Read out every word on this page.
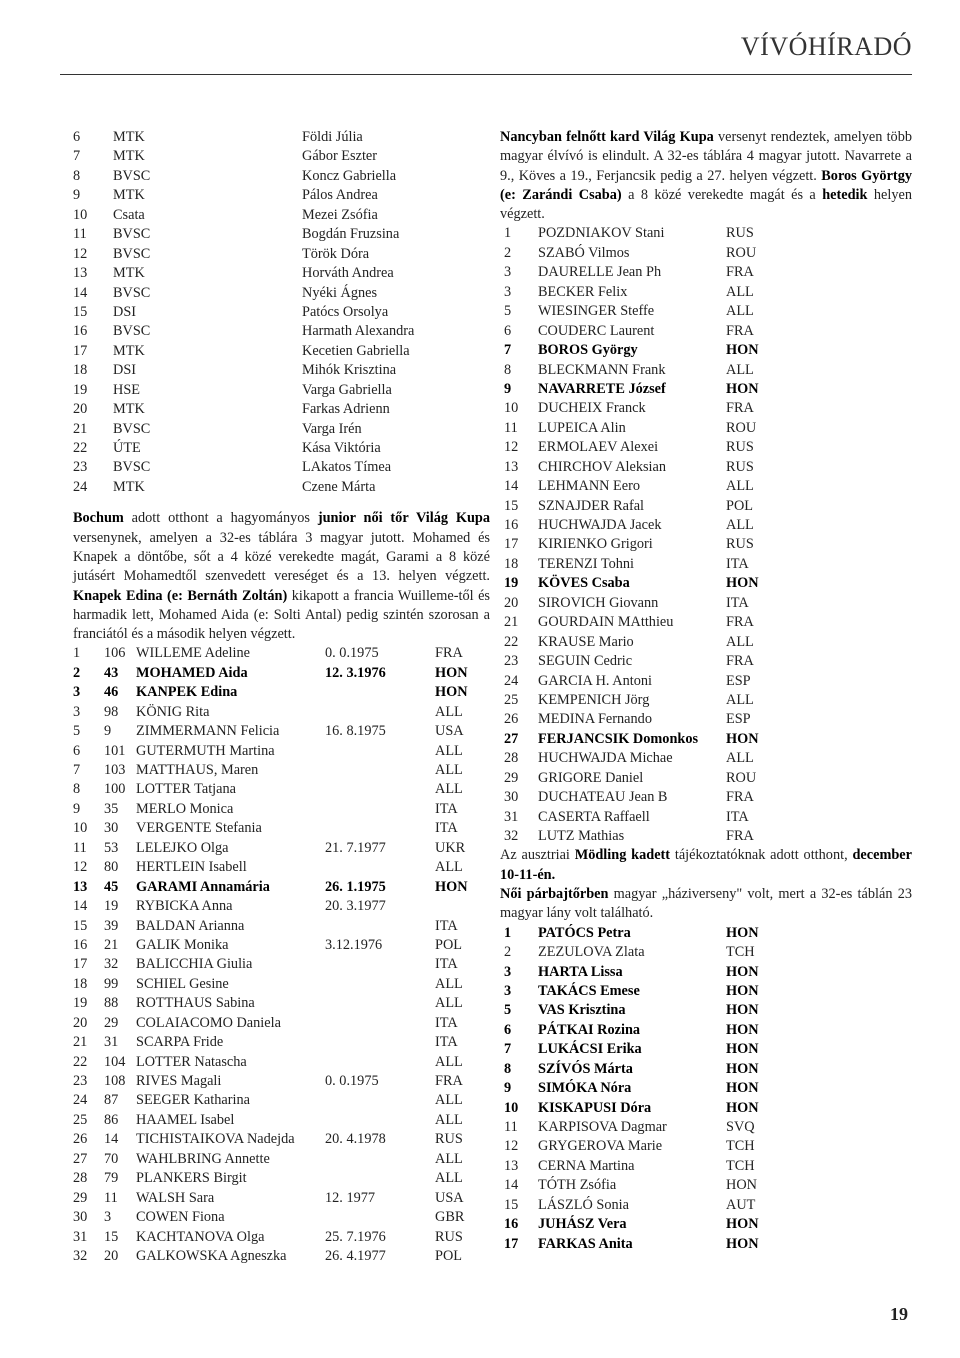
VÍVÓHÍRADÓ
6 MTK	Földi Júlia
7 MTK	Gábor Eszter
8 BVSC	Koncz Gabriella
9 MTK	Pálos Andrea
10 Csata	Mezei Zsófia
11 BVSC	Bogdán Fruzsina
12 BVSC	Török Dóra
13 MTK	Horváth Andrea
14 BVSC	Nyéki Ágnes
15 DSI	Patócs Orsolya
16 BVSC	Harmath Alexandra
17 MTK	Kecetien Gabriella
18 DSI	Mihók Krisztina
19 HSE	Varga Gabriella
20 MTK	Farkas Adrienn
21 BVSC	Varga Irén
22 ÚTE	Kása Viktória
23 BVSC	LAkatos Tímea
24 MTK	Czene Márta

Bochum adott otthont a hagyományos junior női tőr Világ Kupa versenynek, amelyen a 32-es táblára 3 magyar jutott. Mohamed és Knapek a döntőbe, sőt a 4 közé verekedte magát, Garami a 8 közé jutásért Mohamedtől szenvedett vereséget és a 13. helyen végzett. Knapek Edina (e: Bernáth Zoltán) kikapott a francia Wuilleme-től és harmadik lett, Mohamed Aida (e: Solti Antal) pedig szintén szorosan a franciától és a második helyen végzett.

1 106 WILLEME Adeline	0. 0.1975	FRA
2 43 MOHAMED Aida	12. 3.1976	HON
3 46 KANPEK Edina	HON
3 98 KÖNIG Rita	ALL
5 9 ZIMMERMANN Felicia	16. 8.1975	USA
6 101 GUTERMUTH Martina	ALL
7 103 MATTHAUS, Maren	ALL
8 100 LOTTER Tatjana	ALL
9 35 MERLO Monica	ITA
10 30 VERGENTE Stefania	ITA
11 53 LELEJKO Olga	21. 7.1977	UKR
12 80 HERTLEIN Isabell	ALL
13 45 GARAMI Annamária	26. 1.1975	HON
14 19 RYBICKA Anna	20. 3.1977
15 39 BALDAN Arianna	ITA
16 21 GALIK Monika	3.12.1976	POL
17 32 BALICCHIA Giulia	ITA
18 99 SCHIEL Gesine	ALL
19 88 ROTTHAUS Sabina	ALL
20 29 COLAIACOMO Daniela	ITA
21 31 SCARPA Fride	ITA
22 104 LOTTER Natascha	ALL
23 108 RIVES Magali	0. 0.1975	FRA
24 87 SEEGER Katharina	ALL
25 86 HAAMEL Isabel	ALL
26 14 TICHISTAIKOVA Nadejda 20. 4.1978	RUS
27 70 WAHLBRING Annette	ALL
28 79 PLANKERS Birgit	ALL
29 11 WALSH Sara	12. 1977	USA
30 3 COWEN Fiona	GBR
31 15 KACHTANOVA Olga	25. 7.1976	RUS
32 20 GALKOWSKA Agneszka	26. 4.1977	POL

Nancyban felnőtt kard Világ Kupa versenyt rendeztek, amelyen több magyar élvívó is elindult. A 32-es táblára 4 magyar jutott. Navarrete a 9., Köves a 19., Ferjancsik pedig a 27. helyen végzett. Boros Györtgy (e: Zarándi Csaba) a 8 közé verekedte magát és a hetedik helyen végzett.

1 POZDNIAKOV Stani	RUS
2 SZABÓ Vilmos	ROU
3 DAURELLE Jean Ph	FRA
3 BECKER Felix	ALL
5 WIESINGER Steffe	ALL
6 COUDERC Laurent	FRA
7 BOROS György	HON
8 BLECKMANN Frank	ALL
9 NAVARRETE József	HON
10 DUCHEIX Franck	FRA
11 LUPEICA Alin	ROU
12 ERMOLAEV Alexei	RUS
13 CHIRCHOV Aleksian	RUS
14 LEHMANN Eero	ALL
15 SZNAJDER Rafal	POL
16 HUCHWAJDA Jacek	ALL
17 KIRIENKO Grigori	RUS
18 TERENZI Tohni	ITA
19 KÖVES Csaba	HON
20 SIROVICH Giovann	ITA
21 GOURDAIN MAtthieu	FRA
22 KRAUSE Mario	ALL
23 SEGUIN Cedric	FRA
24 GARCIA H. Antoni	ESP
25 KEMPENICH Jörg	ALL
26 MEDINA Fernando	ESP
27 FERJANCSIK Domonkos HON
28 HUCHWAJDA Michae	ALL
29 GRIGORE Daniel	ROU
30 DUCHATEAU Jean B	FRA
31 CASERTA Raffaell	ITA
32 LUTZ Mathias	FRA

Az ausztriai Mödling kadett tájékoztatóknak adott otthont, december 10-11-én.

Női párbajtőrben magyar „háziverseny" volt, mert a 32-es táblán 23 magyar lány volt található.

1 PATÓCS Petra	HON
2 ZEZULOVA Zlata	TCH
3 HARTA Lissa	HON
3 TAKÁCS Emese	HON
5 VAS Krisztina	HON
6 PÁTKAI Rozina	HON
7 LUKÁCSI Erika	HON
8 SZÍVÓS Márta	HON
9 SIMÓKA Nóra	HON
10 KISKAPUSI Dóra	HON
11 KARPISOVA Dagmar	SVQ
12 GRYGEROVA Marie	TCH
13 CERNA Martina	TCH
14 TÓTH Zsófia	HON
15 LÁSZLÓ Sonia	AUT
16 JUHÁSZ Vera	HON
17 FARKAS Anita	HON
19
